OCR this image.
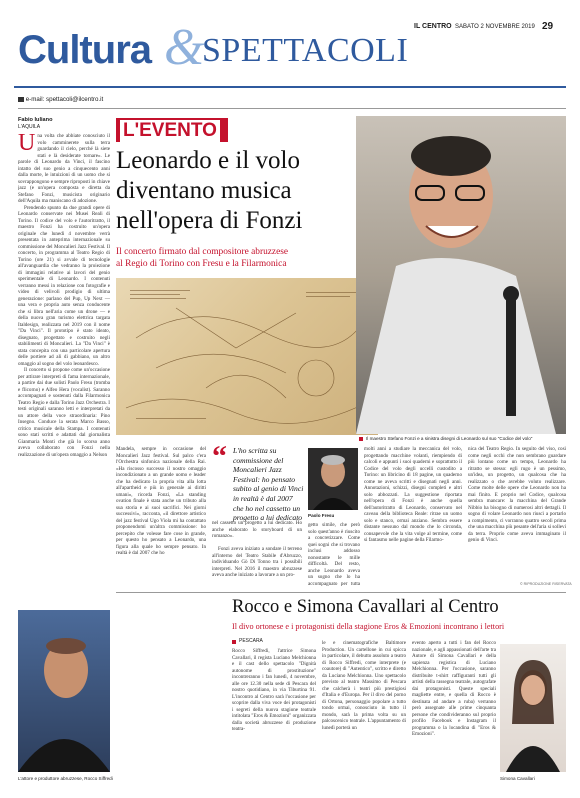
Cultura &
SPETTACOLI
IL CENTRO SABATO 2 NOVEMBRE 2019 29
e-mail: spettacoli@ilcentro.it
Fabio Iuliano
L'AQUILA
U na volta che abbiate conosciuto il volo camminerete sulla terra guardando il cielo, perché là siete stati e là desiderate tornare». Le parole di Leonardo da Vinci, il fascino intatto del suo genio a cinquecento anni dalla morte, le intuizioni di un uomo che si sovrappongono e sempre riproposti in chiave jazz (e un'opera composta e diretta da Stefano Fonzi, musicista originario dell'Aquila ma maniscano di adozione.

Prendendo spunto da due grandi opere di Leonardo conservate nei Musei Reali di Torino. Il codice del volo e l'autoritratto, il maestro Fonzi ha costruito un'opera originale che lunedì 4 novembre verrà presentata in anteprima internazionale su commissione del Moncalieri Jazz Festival. Il concerto, in programma al Teatro Regio di Torino (ore 21) si avvale di tecnologie all'avanguardia che vedranno la proiezione di immagini relative ai lavori del genio sperimentale di Leonardo. I contenuti verranno messi in relazione con fotografie e video di velivoli prodigio di ultima generazione: parlano del Pup, Up Next — una vera e propria auto senza conducente che si libra nell'aria come un drone — e della nuova gran turismo elettrica targata Italdesign, realizzata nel 2019 con il nome "Da Vinci". Il prototipo è stato ideato, disegnato, progettato e costruito negli stabilimenti di Moncalieri. La "Da Vinci" è stata concepita con una particolare apertura delle portiere ad ali di gabbiano, un altro omaggio al sogno del volo leonardesco.

Il concerto si propone come un'occasione per attirare interpreti di fama internazionale, a partire dai due solisti Paolo Fresu (tromba e flicorno) e Alfeo Hera (vocalist). Saranno accompagnati e sostenuti dalla Filarmonica Teatro Regio e dalla Torino Jazz Orchestra. I testi originali saranno letti e interpretati da un attore della voce straordinaria: Pino Insegno. Conduce la serata Marco Basso, critico musicale della Stampa. I contenuti sono stati scritti e adattati dal giornalista Gianmaria Monti che già lo scorso anno aveva collaborato con Fonzi nella realizzazione di un'opera omaggio a Nelson

L'EVENTO
Leonardo e il volo
diventano musica
nell'opera di Fonzi
Il concerto firmato dal compositore abruzzese
al Regio di Torino con Fresu e la Filarmonica
Il maestro Stefano Fonzi e a sinistra disegni di Leonardo sul suo "Codice del volo"
Mandela, sempre in occasione del Moncalieri Jazz festival. Sul palco c'era l'Orchestra sinfonica nazionale della Rai. «Ha riscosso successo il nostro omaggio incondizionato a un grande uomo e leader che ha dedicato la propria vita alla lotta all'apartheid e più in generale ai diritti umani», ricorda Fonzi, «La standing ovation finale è stata anche un tributo alla sua storia e ai suoi sacrifici. Nei giorni successivi», racconta, «il direttore artistico del jazz festival Ugo Viola mi ha contattato proponendomi un'altra commissione: ho percepito che volesse fare cose in grande, per questo ho pensato a Leonardo, una figura alla quale ho sempre pensato. In realtà è dal 2007 che ho
“ L'ho scritta su commissione del Moncalieri Jazz Festival: ho pensato subito al genio di Vinci in realtà è dal 2007 che ho nel cassetto un progetto a lui dedicato
nel cassetto un progetto a lui dedicato. Ho anche elaborato lo storyboard di un romanzo».

Fonzi aveva iniziato a sondare il terreno all'interno del Teatro Stabile d'Abruzzo, individuando Gò Di Tonno tra i possibili interpreti. Nel 2016 il maestro abruzzese aveva anche iniziato a lavorare a un pro-

Paolo Fresu
getto simile, che però solo quest'anno è riuscito a concretizzare. Come quei sogni che si trovano inclusi addosso nonostante le mille difficoltà. Del resto, anche Leonardo aveva un sogno che lo ha accompagnato per tutta
molti anni a studiare la meccanica del volo, progettando macchine volanti, riempiendo di calcoli e appunti i suoi quaderni e soprattutto il Codice del volo degli uccelli custodito a Torino: un libricino di 18 pagine, un quaderno come ne aveva scritti e disegnati negli anni. Annotazioni, schizzi, disegni completi e altri solo abbozzati. La suggestione riportata nell'opera di Fonzi è anche quella dell'autoritratto di Leonardo, conservato nel caveau della biblioteca Reale: ritrae un uomo solo e stanco, ormai anziano. Sembra essere distante nessuno dal mondo che lo circonda, consapevole che la vita volge al termine, come si fantasmo nelle pagine della Filarmo-
nica del Teatro Regio. In seguito del viso, così come negli occhi che non sembrano guardare più lontano come un tempo, Leonardo ha ritratto se stesso: egli rugo è un pessimo, un'idea, un progetto, un qualcosa che ha realizzato o che avrebbe voluto realizzare. Come molte delle opere che Leonardo non ha mai finito. E proprio nel Codice, qualcosa sembra mancare: la macchina del Grande Nibbio ha bisogno di numerosi altri dettagli. Il sogno di volare Leonardo non riuscì a portarlo a compimento, ci vorranno quattro secoli prima che una macchina più pesante dell'aria si sollevi da terra. Proprio come aveva immaginato il genio di Vinci.
© RIPRODUZIONE RISERVATA
L'attore e produttore abruzzese, Rocco Siffredi
Rocco e Simona Cavallari al Centro
Il divo ortonese e i protagonisti della stagione Eros & Emozioni incontrano i lettori
PESCARA
Rocco Siffredi, l'attrice Simona Cavallari, il regista Luciano Melchionna e il cast dello spettacolo "Dignità autonome di prostituzione" incontreranno i fan lunedì, 4 novembre, alle ore 12.30 nella sede di Pescara del nostro quotidiano, in via Tiburtina 91. L'incontro al Centro sarà l'occasione per scoprire dalla viva voce dei protagonisti i segreti della nuova stagione teatrale intitolata "Eros & Emozioni" organizzata dalla società abruzzese di produzione teatra-
le e cinematografiche Baltimore Production. Un cartellone in cui spicca in particolare, il debutto assoluto a teatro di Rocco Siffredi, come interprete (e coautore) di "Autentico", scritto e diretto da Luciano Melchionna. Uno spettacolo previsto al teatro Massimo di Pescara che calcherà i teatri più prestigiosi d'Italia e d'Europa. Per il divo del porno di Ortona, personaggio popolare a tutto tondo ormai, conosciuto in tutto il mondo, sarà la prima volta su un palcoscenico teatrale. L'appuntamento di lunedì porterà un
evento aperto a tutti i fan del Rocco nazionale, e agli appassionati dell'arte tra Autore di Simona Cavallari e della sapienza registica di Luciano Melchionna. Per l'occasione, saranno distribuite t-shirt raffiguranti tutti gli artisti della rassegna teatrale, autografate dai protagonisti. Queste speciali magliette entre, e quella di Rocco è destinata ad andare a ruba) verranno però assegnate alle prime cinquanta persone che condivideranno sul proprio profilo Facebook e Instagram il programma o la locandina di "Eros & Emozioni".
Simona Cavallari
